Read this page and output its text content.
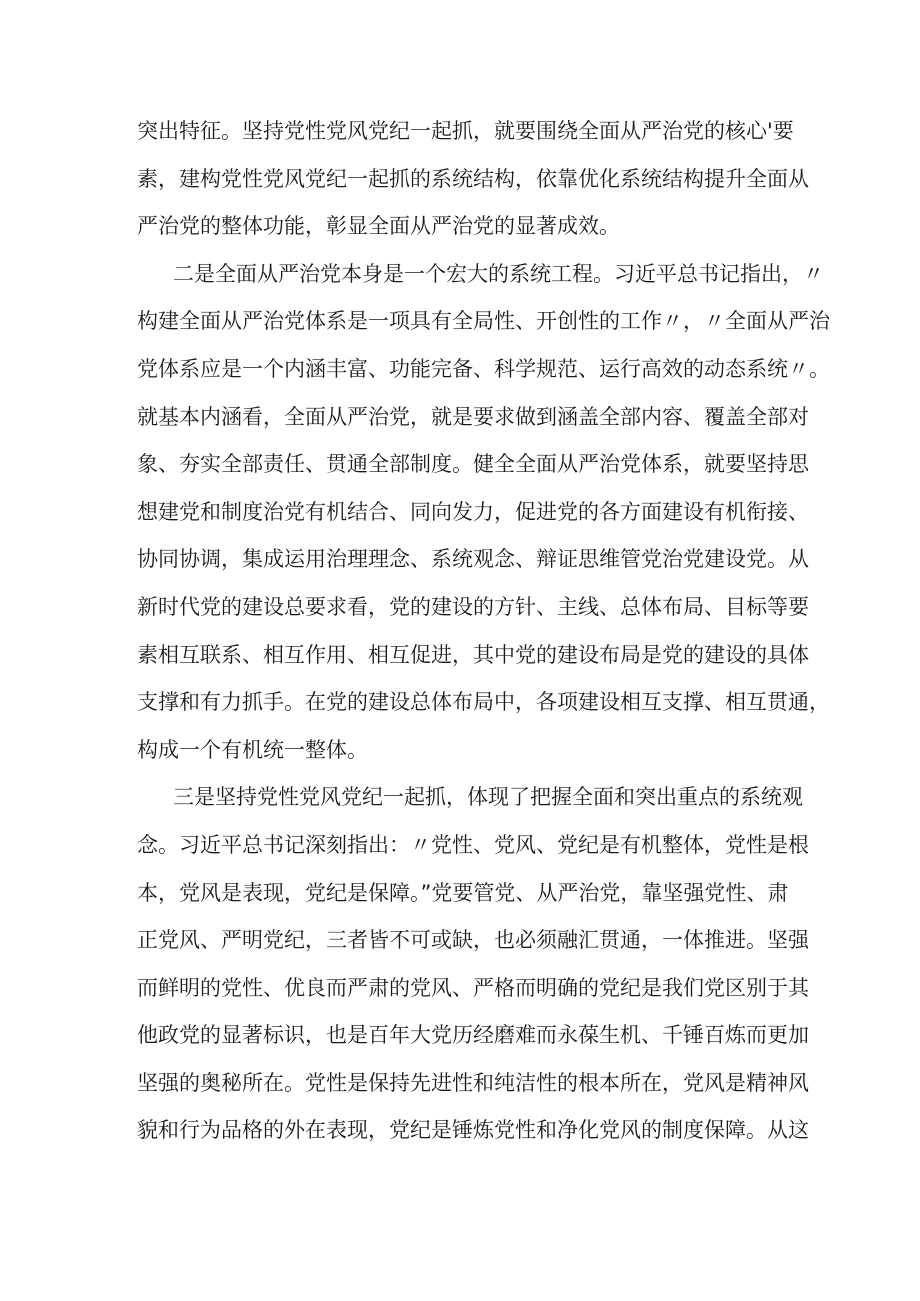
突出特征。坚持党性党风党纪一起抓，就要围绕全面从严治党的核心'要
素，建构党性党风党纪一起抓的系统结构，依靠优化系统结构提升全面从
严治党的整体功能，彰显全面从严治党的显著成效。

二是全面从严治党本身是一个宏大的系统工程。习近平总书记指出，〃
构建全面从严治党体系是一项具有全局性、开创性的工作〃，〃全面从严治
党体系应是一个内涵丰富、功能完备、科学规范、运行高效的动态系统〃。
就基本内涵看，全面从严治党，就是要求做到涵盖全部内容、覆盖全部对
象、夯实全部责任、贯通全部制度。健全全面从严治党体系，就要坚持思
想建党和制度治党有机结合、同向发力，促进党的各方面建设有机衔接、
协同协调，集成运用治理理念、系统观念、辩证思维管党治党建设党。从
新时代党的建设总要求看，党的建设的方针、主线、总体布局、目标等要
素相互联系、相互作用、相互促进，其中党的建设布局是党的建设的具体
支撑和有力抓手。在党的建设总体布局中，各项建设相互支撑、相互贯通，
构成一个有机统一整体。

三是坚持党性党风党纪一起抓，体现了把握全面和突出重点的系统观
念。习近平总书记深刻指出：〃党性、党风、党纪是有机整体，党性是根
本，党风是表现，党纪是保障。”党要管党、从严治党，靠坚强党性、肃
正党风、严明党纪，三者皆不可或缺，也必须融汇贯通，一体推进。坚强
而鲜明的党性、优良而严肃的党风、严格而明确的党纪是我们党区别于其
他政党的显著标识，也是百年大党历经磨难而永葆生机、千锤百炼而更加
坚强的奥秘所在。党性是保持先进性和纯洁性的根本所在，党风是精神风
貌和行为品格的外在表现，党纪是锤炼党性和净化党风的制度保障。从这
